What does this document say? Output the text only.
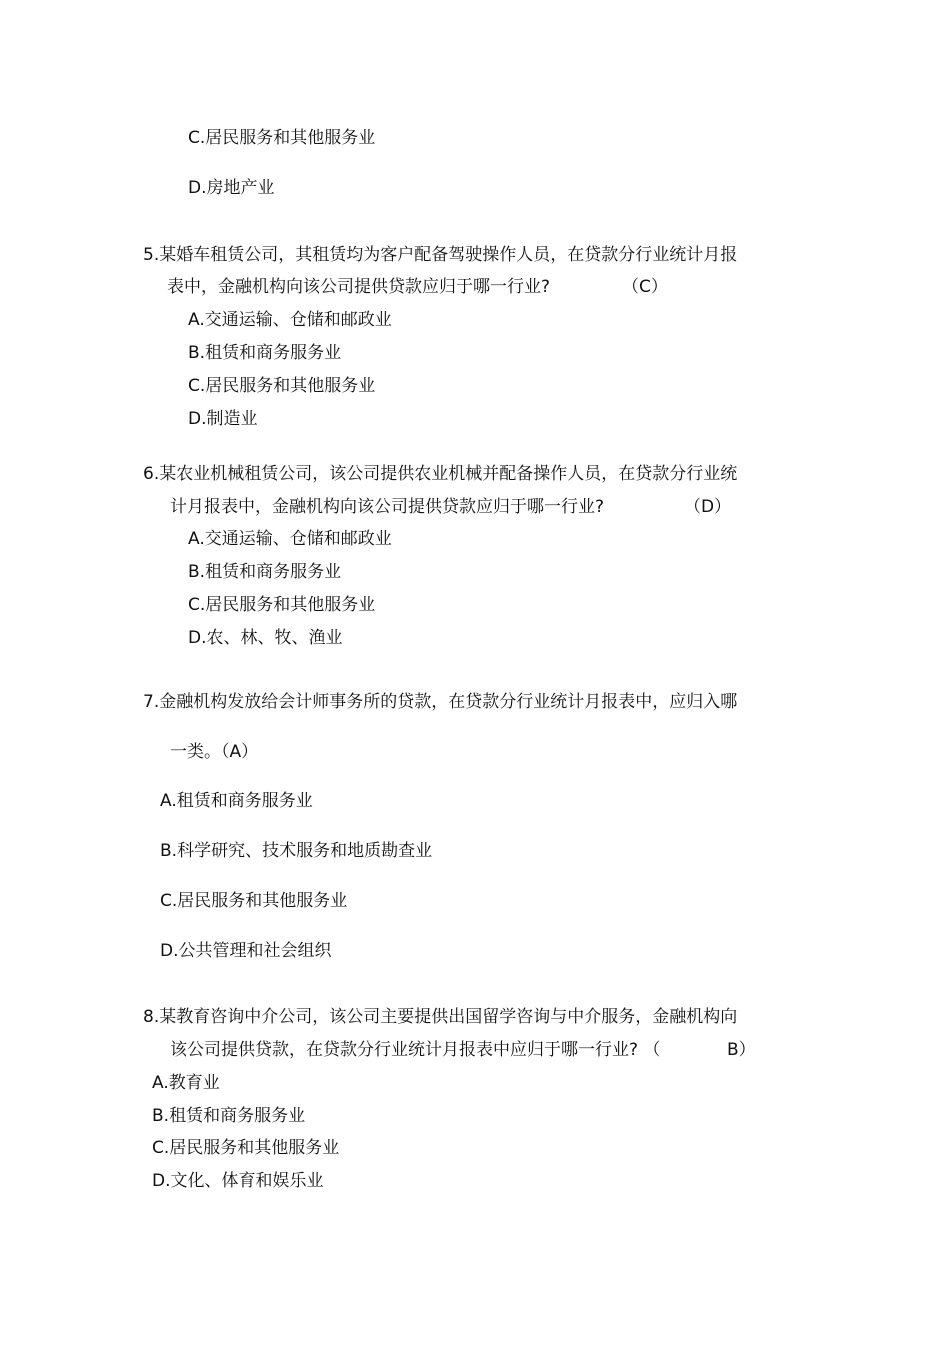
C.居民服务和其他服务业
D.房地产业
5.某婚车租赁公司，其租赁均为客户配备驾驶操作人员，在贷款分行业统计月报
表中，金融机构向该公司提供贷款应归于哪一行业?	（C）
A.交通运输、仓储和邮政业
B.租赁和商务服务业
C.居民服务和其他服务业
D.制造业
6.某农业机械租赁公司，该公司提供农业机械并配备操作人员，在贷款分行业统
计月报表中，金融机构向该公司提供贷款应归于哪一行业?	（D）
A.交通运输、仓储和邮政业
B.租赁和商务服务业
C.居民服务和其他服务业
D.农、林、牧、渔业
7.金融机构发放给会计师事务所的贷款，在贷款分行业统计月报表中，应归入哪
一类。（A）
A.租赁和商务服务业
B.科学研究、技术服务和地质勘查业
C.居民服务和其他服务业
D.公共管理和社会组织
8.某教育咨询中介公司，该公司主要提供出国留学咨询与中介服务，金融机构向
该公司提供贷款，在贷款分行业统计月报表中应归于哪一行业? （	B）
A.教育业
B.租赁和商务服务业
C.居民服务和其他服务业
D.文化、体育和娱乐业
